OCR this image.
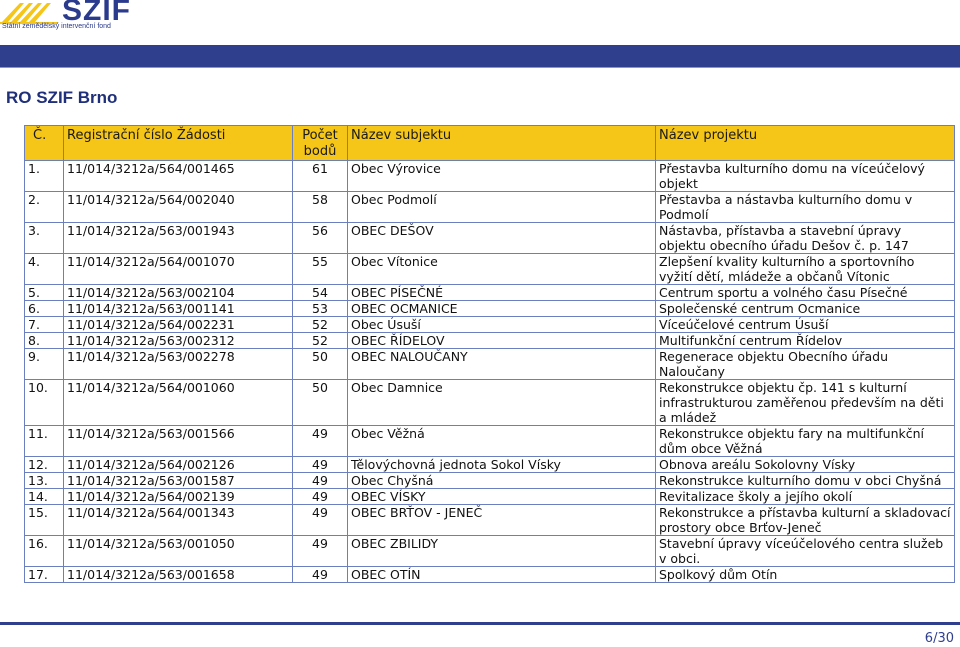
SZIF
Státní zemědělský intervenční fond
RO SZIF Brno
Č.	Registrační číslo Žádosti	Počet bodů	Název subjektu	Název projektu
1.	11/014/3212a/564/001465	61	Obec Výrovice	Přestavba kulturního domu na víceúčelový objekt
2.	11/014/3212a/564/002040	58	Obec Podmolí	Přestavba a nástavba kulturního domu v Podmolí
3.	11/014/3212a/563/001943	56	OBEC DEŠOV	Nástavba, přístavba a stavební úpravy objektu obecního úřadu Dešov č. p. 147
4.	11/014/3212a/564/001070	55	Obec Vítonice	Zlepšení kvality kulturního a sportovního vyžití dětí, mládeže a občanů Vítonic
5.	11/014/3212a/563/002104	54	OBEC PÍSEČNÉ	Centrum sportu a volného času Písečné
6.	11/014/3212a/563/001141	53	OBEC OCMANICE	Společenské centrum Ocmanice
7.	11/014/3212a/564/002231	52	Obec Úsuší	Víceúčelové centrum Úsuší
8.	11/014/3212a/563/002312	52	OBEC ŘÍDELOV	Multifunkční centrum Řídelov
9.	11/014/3212a/563/002278	50	OBEC NALOUČANY	Regenerace objektu Obecního úřadu Naloučany
10.	11/014/3212a/564/001060	50	Obec Damnice	Rekonstrukce objektu čp. 141 s kulturní infrastrukturou zaměřenou především na děti a mládež
11.	11/014/3212a/563/001566	49	Obec Věžná	Rekonstrukce objektu fary na multifunkční dům obce Věžná
12.	11/014/3212a/564/002126	49	Tělovýchovná jednota Sokol Vísky	Obnova areálu Sokolovny Vísky
13.	11/014/3212a/563/001587	49	Obec Chyšná	Rekonstrukce kulturního domu v obci Chyšná
14.	11/014/3212a/564/002139	49	OBEC VÍSKY	Revitalizace školy a jejího okolí
15.	11/014/3212a/564/001343	49	OBEC BRŤOV - JENEČ	Rekonstrukce a přístavba kulturní a skladovací prostory obce Brťov-Jeneč
16.	11/014/3212a/563/001050	49	OBEC ZBILIDY	Stavební úpravy víceúčelového centra služeb v obci.
17.	11/014/3212a/563/001658	49	OBEC OTÍN	Spolkový dům Otín
6/30
